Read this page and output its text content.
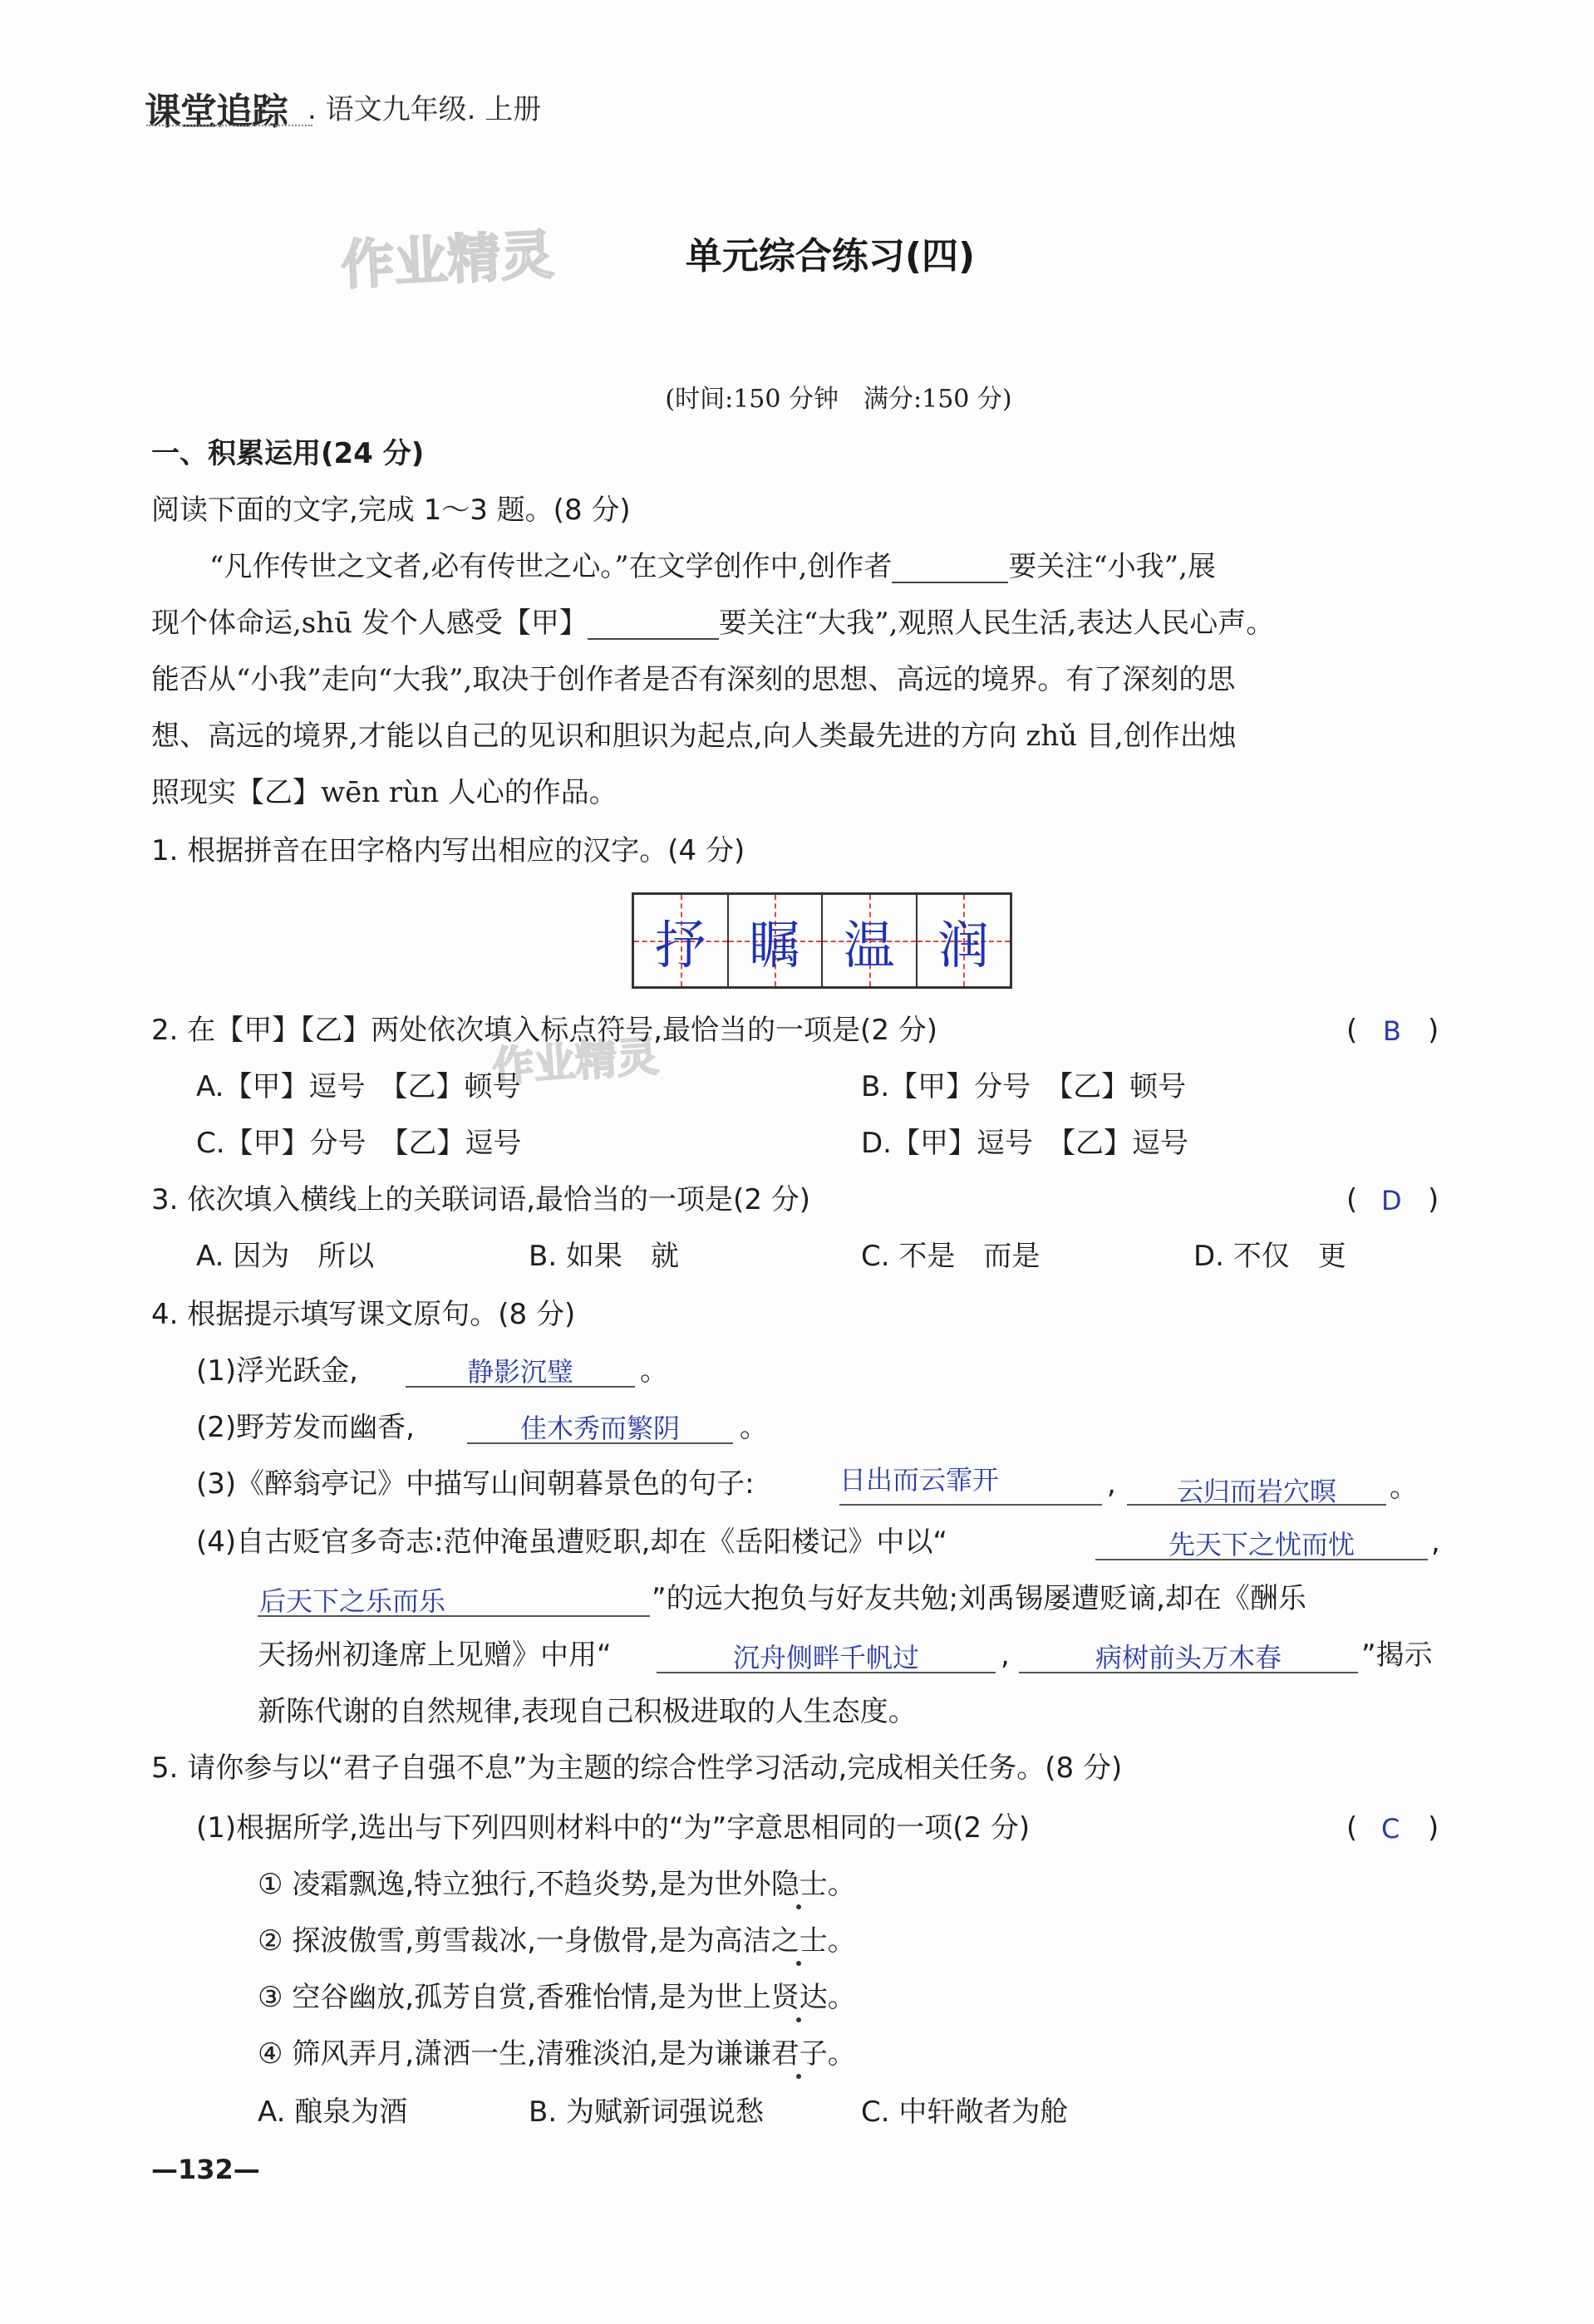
课堂追踪 . 语文九年级. 上册
作业精灵
作业精灵
单元综合练习(四)
(时间:150 分钟　满分:150 分)
一、积累运用(24 分)
阅读下面的文字,完成 1～3 题。(8 分)
“凡作传世之文者,必有传世之心。”在文学创作中,创作者	要关注“小我”,展
现个体命运,shū 发个人感受【甲】	要关注“大我”,观照人民生活,表达人民心声。
能否从“小我”走向“大我”,取决于创作者是否有深刻的思想、高远的境界。有了深刻的思
想、高远的境界,才能以自己的见识和胆识为起点,向人类最先进的方向 zhǔ 目,创作出烛
照现实【乙】wēn rùn 人心的作品。
1. 根据拼音在田字格内写出相应的汉字。(4 分)
抒 瞩 温 润
2. 在【甲】【乙】两处依次填入标点符号,最恰当的一项是(2 分)	( B )
A.【甲】逗号　【乙】顿号	B.【甲】分号　【乙】顿号
C.【甲】分号　【乙】逗号	D.【甲】逗号　【乙】逗号
3. 依次填入横线上的关联词语,最恰当的一项是(2 分)	( D )
A. 因为　所以	B. 如果　就	C. 不是　而是	D. 不仅　更
4. 根据提示填写课文原句。(8 分)
(1)浮光跃金,	静影沉璧	。
(2)野芳发而幽香,	佳木秀而繁阴	。
(3)《醉翁亭记》中描写山间朝暮景色的句子:	日出而云霏开	,	云归而岩穴暝	。
(4)自古贬官多奇志:范仲淹虽遭贬职,却在《岳阳楼记》中以“	先天下之忧而忧	,
后天下之乐而乐	”的远大抱负与好友共勉;刘禹锡屡遭贬谪,却在《酬乐
天扬州初逢席上见赠》中用“	沉舟侧畔千帆过	,	病树前头万木春	”揭示
新陈代谢的自然规律,表现自己积极进取的人生态度。
5. 请你参与以“君子自强不息”为主题的综合性学习活动,完成相关任务。(8 分)
(1)根据所学,选出与下列四则材料中的“为”字意思相同的一项(2 分)	( C )
① 凌霜飘逸,特立独行,不趋炎势,是为世外隐士。
② 探波傲雪,剪雪裁冰,一身傲骨,是为高洁之士。
③ 空谷幽放,孤芳自赏,香雅怡情,是为世上贤达。
④ 筛风弄月,潇洒一生,清雅淡泊,是为谦谦君子。
A. 酿泉为酒	B. 为赋新词强说愁	C. 中轩敞者为舱
—132—
